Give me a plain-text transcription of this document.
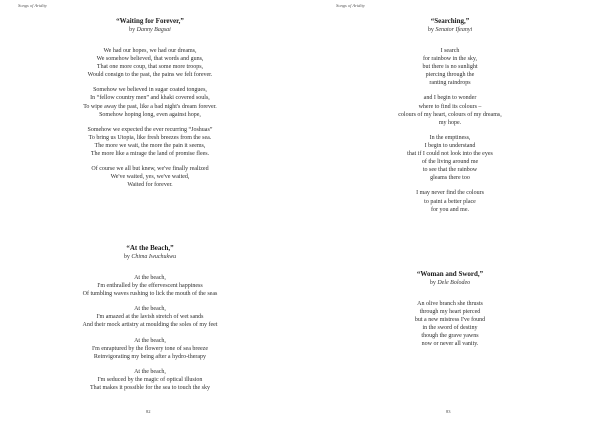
Songs of Aridity
“Waiting for Forever,”
by Danny Bagsai
We had our hopes, we had our dreams,
We somehow believed, that words and guns,
That one more coup, that some more troops,
Would consign to the past, the pains we felt forever.
Somehow we believed in sugar coated tongues,
In “fellow country men” and khaki covered souls,
To wipe away the past, like a bad night's dream forever.
Somehow hoping long, even against hope,
Somehow we expected the ever recurring “Joshuas”
To bring us Utopia, like fresh breezes from the sea.
The more we wait, the more the pain it seems,
The more like a mirage the land of promise flees.
Of course we all but knew, we've finally realized
We've waited, yes, we've waited,
Waited for forever.
“At the Beach,”
by Chima Iwuchukwu
At the beach,
I'm enthralled by the effervescent happiness
Of tumbling waves rushing to lick the mouth of the seas
At the beach,
I'm amazed at the lavish stretch of wet sands
And their mock artistry at moulding the soles of my feet
At the beach,
I'm enraptured by the flowery tone of sea breeze
Reinvigorating my being after a hydro-therapy
At the beach,
I'm seduced by the magic of optical illusion
That makes it possible for the sea to touch the sky
82
Songs of Aridity
“Searching,”
by Senator Ifeanyi
I search
for rainbow in the sky,
but there is no sunlight
piercing through the
ranting raindrops
and I begin to wonder
where to find its colours –
colours of my heart, colours of my dreams,
my hope.
In the emptiness,
I begin to understand
that if I could not look into the eyes
of the living around me
to see that the rainbow
gleams there too
I may never find the colours
to paint a better place
for you and me.
“Woman and Sword,”
by Dele Bolodeo
An olive branch she thrusts
through my heart pierced
but a new mistress I've found
in the sword of destiny
though the grave yawns
now or never all vanity.
83
